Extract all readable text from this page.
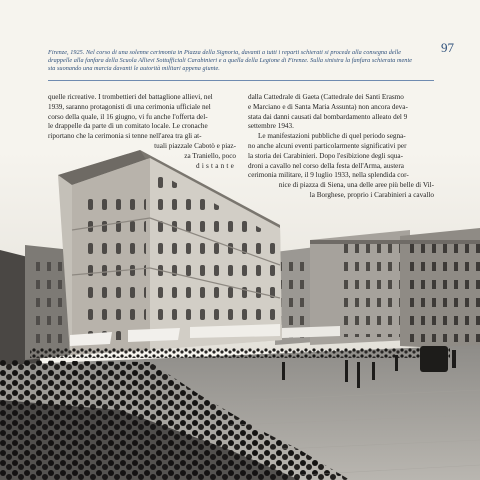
97
Firenze, 1925. Nel corso di una solenne cerimonia in Piazza della Signoria, davanti a tutti i reparti schierati si procede alla consegna delle drappelle alla fanfara della Scuola Allievi Sottufficiali Carabinieri e a quella della Legione di Firenze. Sulla sinistra la fanfara schierata mente sta suonando una marcia davanti le autorità militari appena giunte.
quelle ricreative. I trombettieri del battaglione allievi, nel
1939, saranno protagonisti di una cerimonia ufficiale nel
corso della quale, il 16 giugno, vi fu anche l'offerta del-
le drappelle da parte di un comitato locale. Le cronache
riportano che la cerimonia si tenne nell'area tra gli at-
tuali piazzale Cabotò e piaz-
za Traniello, poco
distante
dalla Cattedrale di Gaeta (Cattedrale dei Santi Erasmo
e Marciano e di Santa Maria Assunta) non ancora deva-
stata dai danni causati dal bombardamento alleato del 9
settembre 1943.
Le manifestazioni pubbliche di quel periodo segna-
no anche alcuni eventi particolarmente significativi per
la storia dei Carabinieri. Dopo l'esibizione degli squa-
droni a cavallo nel corso della festa dell'Arma, austera
cerimonia militare, il 9 luglio 1933, nella splendida cor-
nice di piazza di Siena, una delle aree più belle di Vil-
la Borghese, proprio i Carabinieri a cavallo
